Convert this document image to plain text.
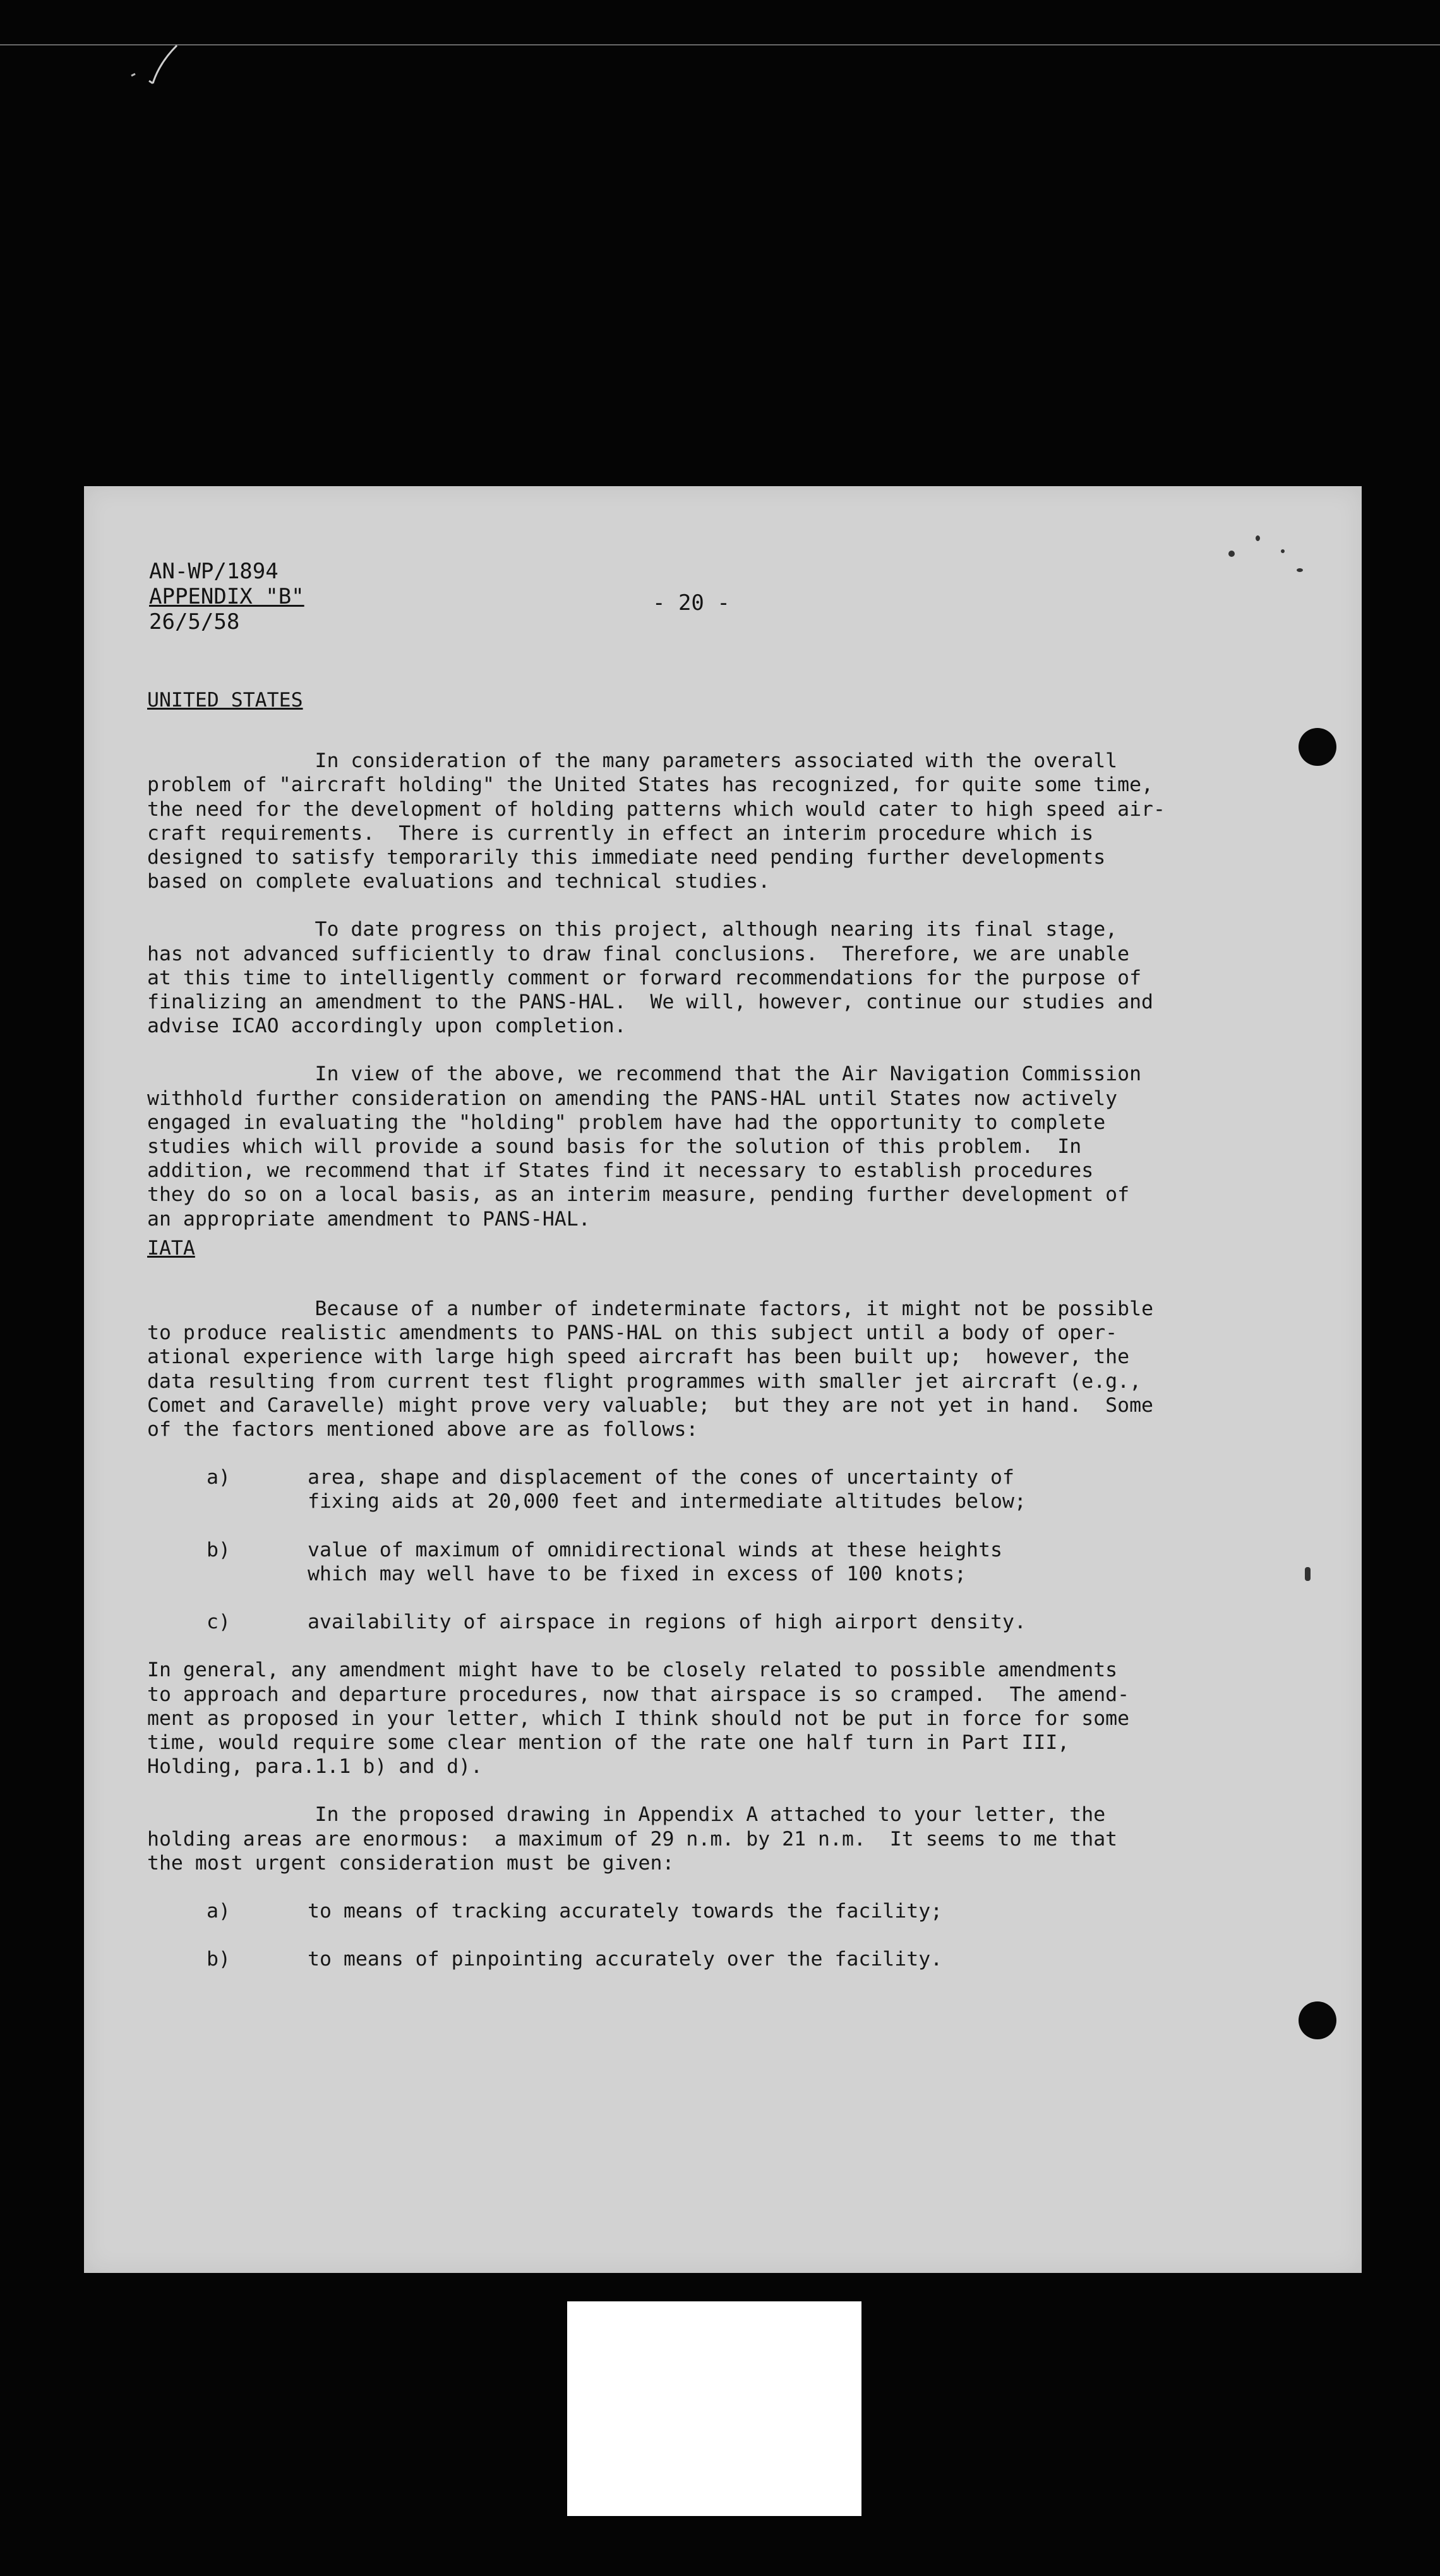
AN-WP/1894
APPENDIX "B"
26/5/58
- 20 -
UNITED STATES
In consideration of the many parameters associated with the overall
problem of "aircraft holding" the United States has recognized, for quite some time,
the need for the development of holding patterns which would cater to high speed air-
craft requirements.  There is currently in effect an interim procedure which is
designed to satisfy temporarily this immediate need pending further developments
based on complete evaluations and technical studies.
To date progress on this project, although nearing its final stage,
has not advanced sufficiently to draw final conclusions.  Therefore, we are unable
at this time to intelligently comment or forward recommendations for the purpose of
finalizing an amendment to the PANS-HAL.  We will, however, continue our studies and
advise ICAO accordingly upon completion.
In view of the above, we recommend that the Air Navigation Commission
withhold further consideration on amending the PANS-HAL until States now actively
engaged in evaluating the "holding" problem have had the opportunity to complete
studies which will provide a sound basis for the solution of this problem.  In
addition, we recommend that if States find it necessary to establish procedures
they do so on a local basis, as an interim measure, pending further development of
an appropriate amendment to PANS-HAL.
IATA
Because of a number of indeterminate factors, it might not be possible
to produce realistic amendments to PANS-HAL on this subject until a body of oper-
ational experience with large high speed aircraft has been built up;  however, the
data resulting from current test flight programmes with smaller jet aircraft (e.g.,
Comet and Caravelle) might prove very valuable;  but they are not yet in hand.  Some
of the factors mentioned above are as follows:
a)	area, shape and displacement of the cones of uncertainty of
fixing aids at 20,000 feet and intermediate altitudes below;
b)	value of maximum of omnidirectional winds at these heights
which may well have to be fixed in excess of 100 knots;
c)	availability of airspace in regions of high airport density.
In general, any amendment might have to be closely related to possible amendments
to approach and departure procedures, now that airspace is so cramped.  The amend-
ment as proposed in your letter, which I think should not be put in force for some
time, would require some clear mention of the rate one half turn in Part III,
Holding, para.1.1 b) and d).
In the proposed drawing in Appendix A attached to your letter, the
holding areas are enormous:  a maximum of 29 n.m. by 21 n.m.  It seems to me that
the most urgent consideration must be given:
a)	to means of tracking accurately towards the facility;
b)	to means of pinpointing accurately over the facility.
